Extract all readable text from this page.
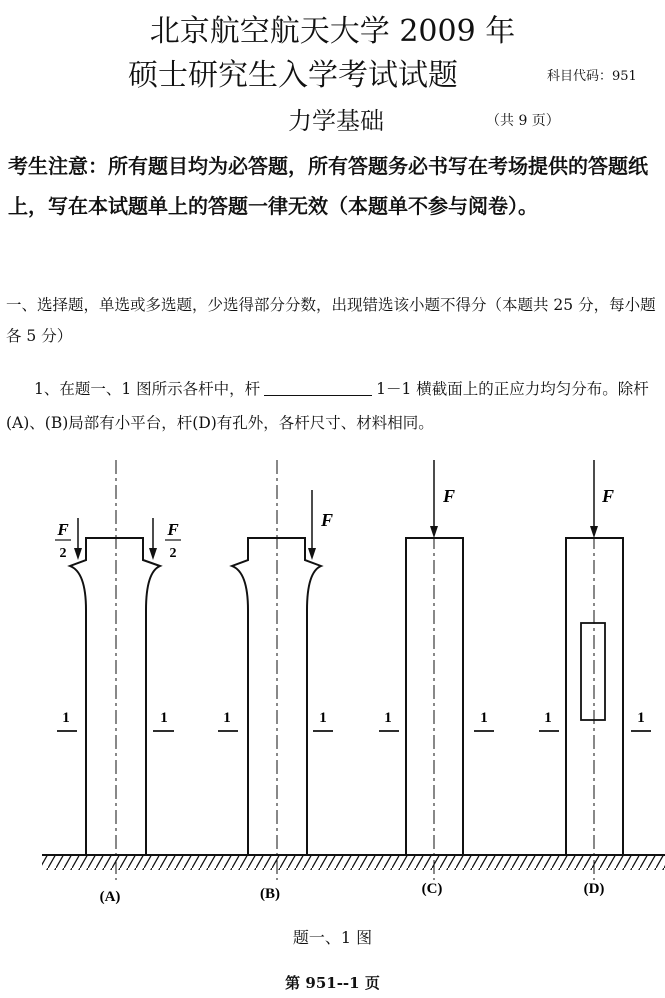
北京航空航天大学 2009 年
硕士研究生入学考试试题	科目代码：951
力学基础	（共 9 页）
考生注意：所有题目均为必答题，所有答题务必书写在考场提供的答题纸上，写在本试题单上的答题一律无效（本题单不参与阅卷）。
一、选择题，单选或多选题，少选得部分分数，出现错选该小题不得分（本题共 25 分，每小题各 5 分）
1、在题一、1 图所示各杆中，杆	1－1 横截面上的正应力均匀分布。除杆(A)、(B)局部有小平台，杆(D)有孔外，各杆尺寸、材料相同。
F
2
F
2
F
F	F
1	1	1	1	1	1	1	1
(A)	(B)	(C)	(D)
题一、1 图
第 951--1 页
